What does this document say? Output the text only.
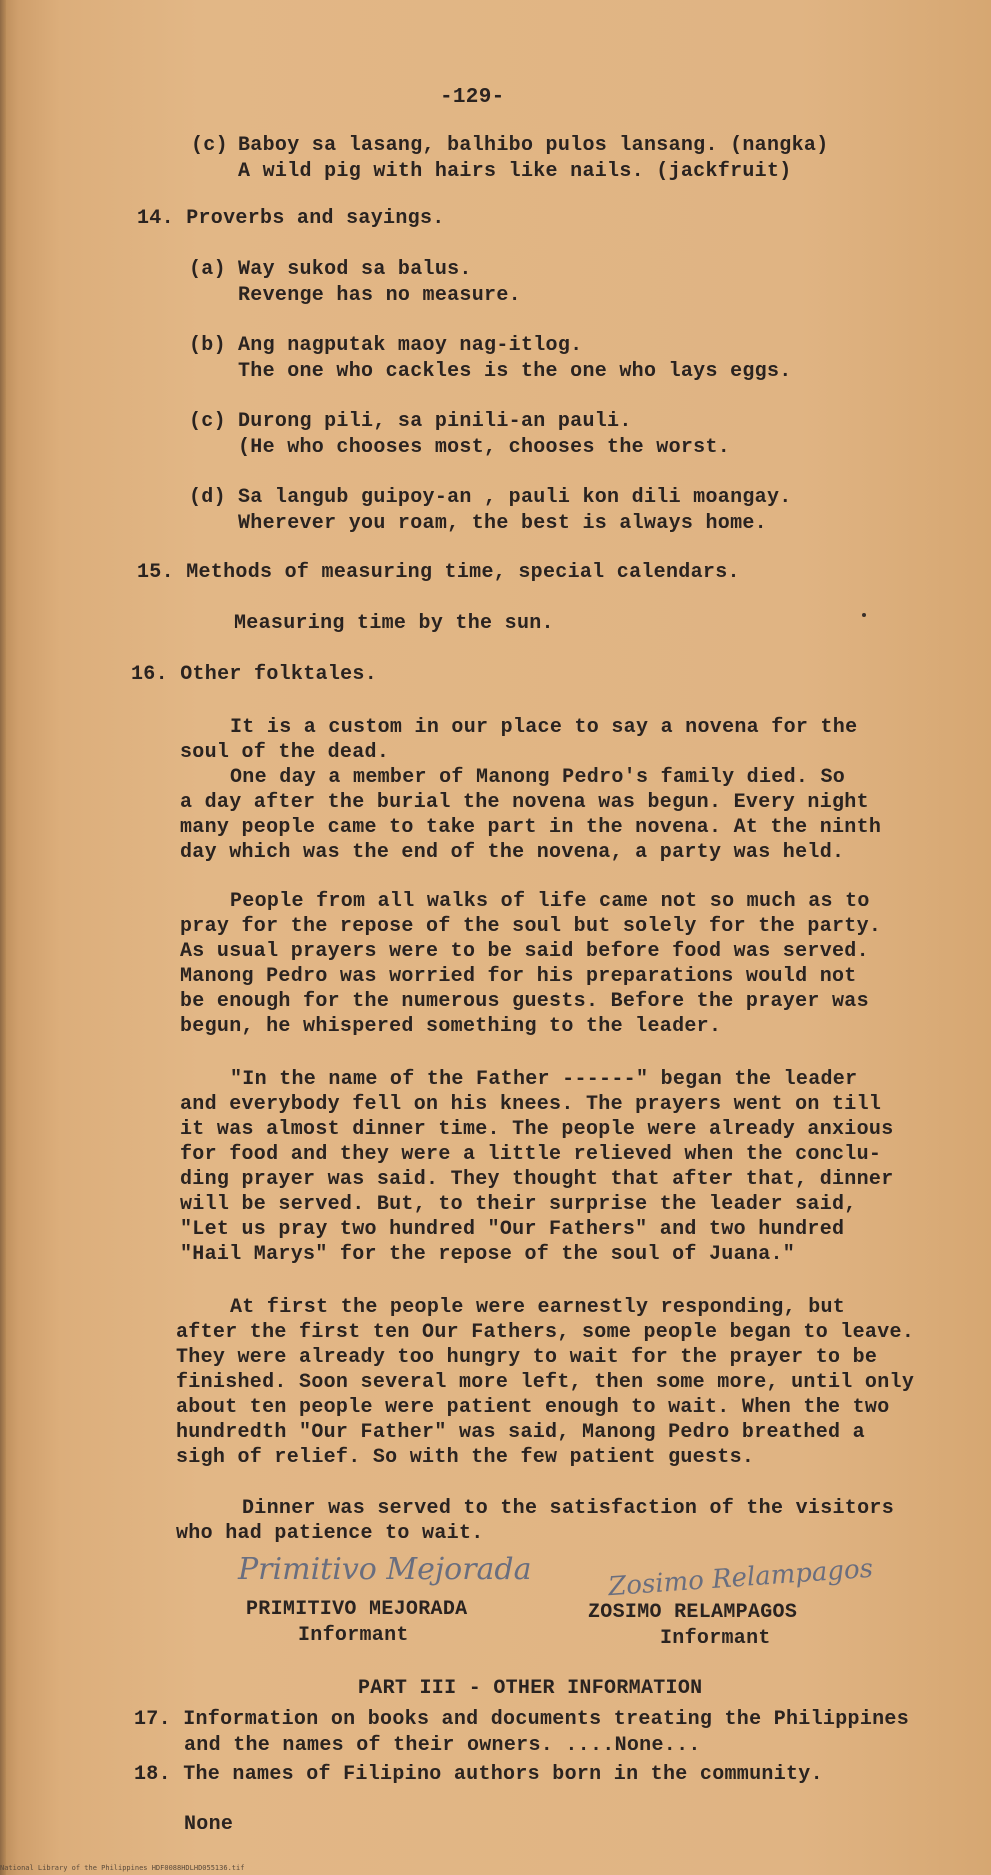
-129-
(c) Baboy sa lasang, balhibo pulos lansang. (nangka)
A wild pig with hairs like nails. (jackfruit)
14. Proverbs and sayings.
(a) Way sukod sa balus.
Revenge has no measure.
(b) Ang nagputak maoy nag-itlog.
The one who cackles is the one who lays eggs.
(c) Durong pili, sa pinili-an pauli.
(He who chooses most, chooses the worst.
(d) Sa langub guipoy-an , pauli kon dili moangay.
Wherever you roam, the best is always home.
15. Methods of measuring time, special calendars.
Measuring time by the sun.
16. Other folktales.
It is a custom in our place to say a novena for the
soul of the dead.
One day a member of Manong Pedro's family died. So
a day after the burial the novena was begun. Every night
many people came to take part in the novena. At the ninth
day which was the end of the novena, a party was held.
People from all walks of life came not so much as to
pray for the repose of the soul but solely for the party.
As usual prayers were to be said before food was served.
Manong Pedro was worried for his preparations would not
be enough for the numerous guests. Before the prayer was
begun, he whispered something to the leader.
"In the name of the Father ------" began the leader
and everybody fell on his knees. The prayers went on till
it was almost dinner time. The people were already anxious
for food and they were a little relieved when the conclu-
ding prayer was said. They thought that after that, dinner
will be served. But, to their surprise the leader said,
"Let us pray two hundred "Our Fathers" and two hundred
"Hail Marys" for the repose of the soul of Juana."
At first the people were earnestly responding, but
after the first ten Our Fathers, some people began to leave.
They were already too hungry to wait for the prayer to be
finished. Soon several more left, then some more, until only
about ten people were patient enough to wait. When the two
hundredth "Our Father" was said, Manong Pedro breathed a
sigh of relief. So with the few patient guests.
Dinner was served to the satisfaction of the visitors
who had patience to wait.
Primitivo Mejorada
PRIMITIVO MEJORADA
Informant
Zosimo Relampagos
ZOSIMO RELAMPAGOS
Informant
PART III - OTHER INFORMATION
17. Information on books and documents treating the Philippines
and the names of their owners. ....None...
18. The names of Filipino authors born in the community.
None
National Library of the Philippines HDF0088HDLHD055136.tif
